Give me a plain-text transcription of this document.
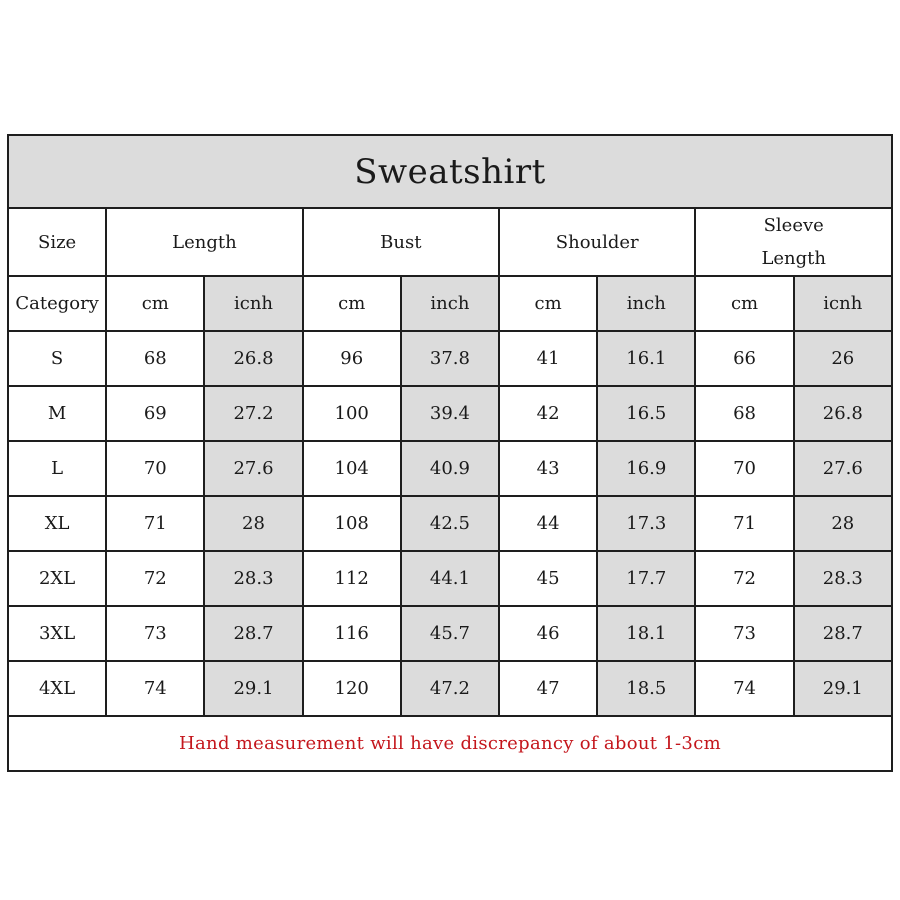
Sweatshirt								
Size	Length		Bust		Shoulder		Sleeve
Length	
Category	cm	icnh	cm	inch	cm	inch	cm	icnh
S	68	26.8	96	37.8	41	16.1	66	26
M	69	27.2	100	39.4	42	16.5	68	26.8
L	70	27.6	104	40.9	43	16.9	70	27.6
XL	71	28	108	42.5	44	17.3	71	28
2XL	72	28.3	112	44.1	45	17.7	72	28.3
3XL	73	28.7	116	45.7	46	18.1	73	28.7
4XL	74	29.1	120	47.2	47	18.5	74	29.1
Hand measurement will have discrepancy of about 1-3cm								
